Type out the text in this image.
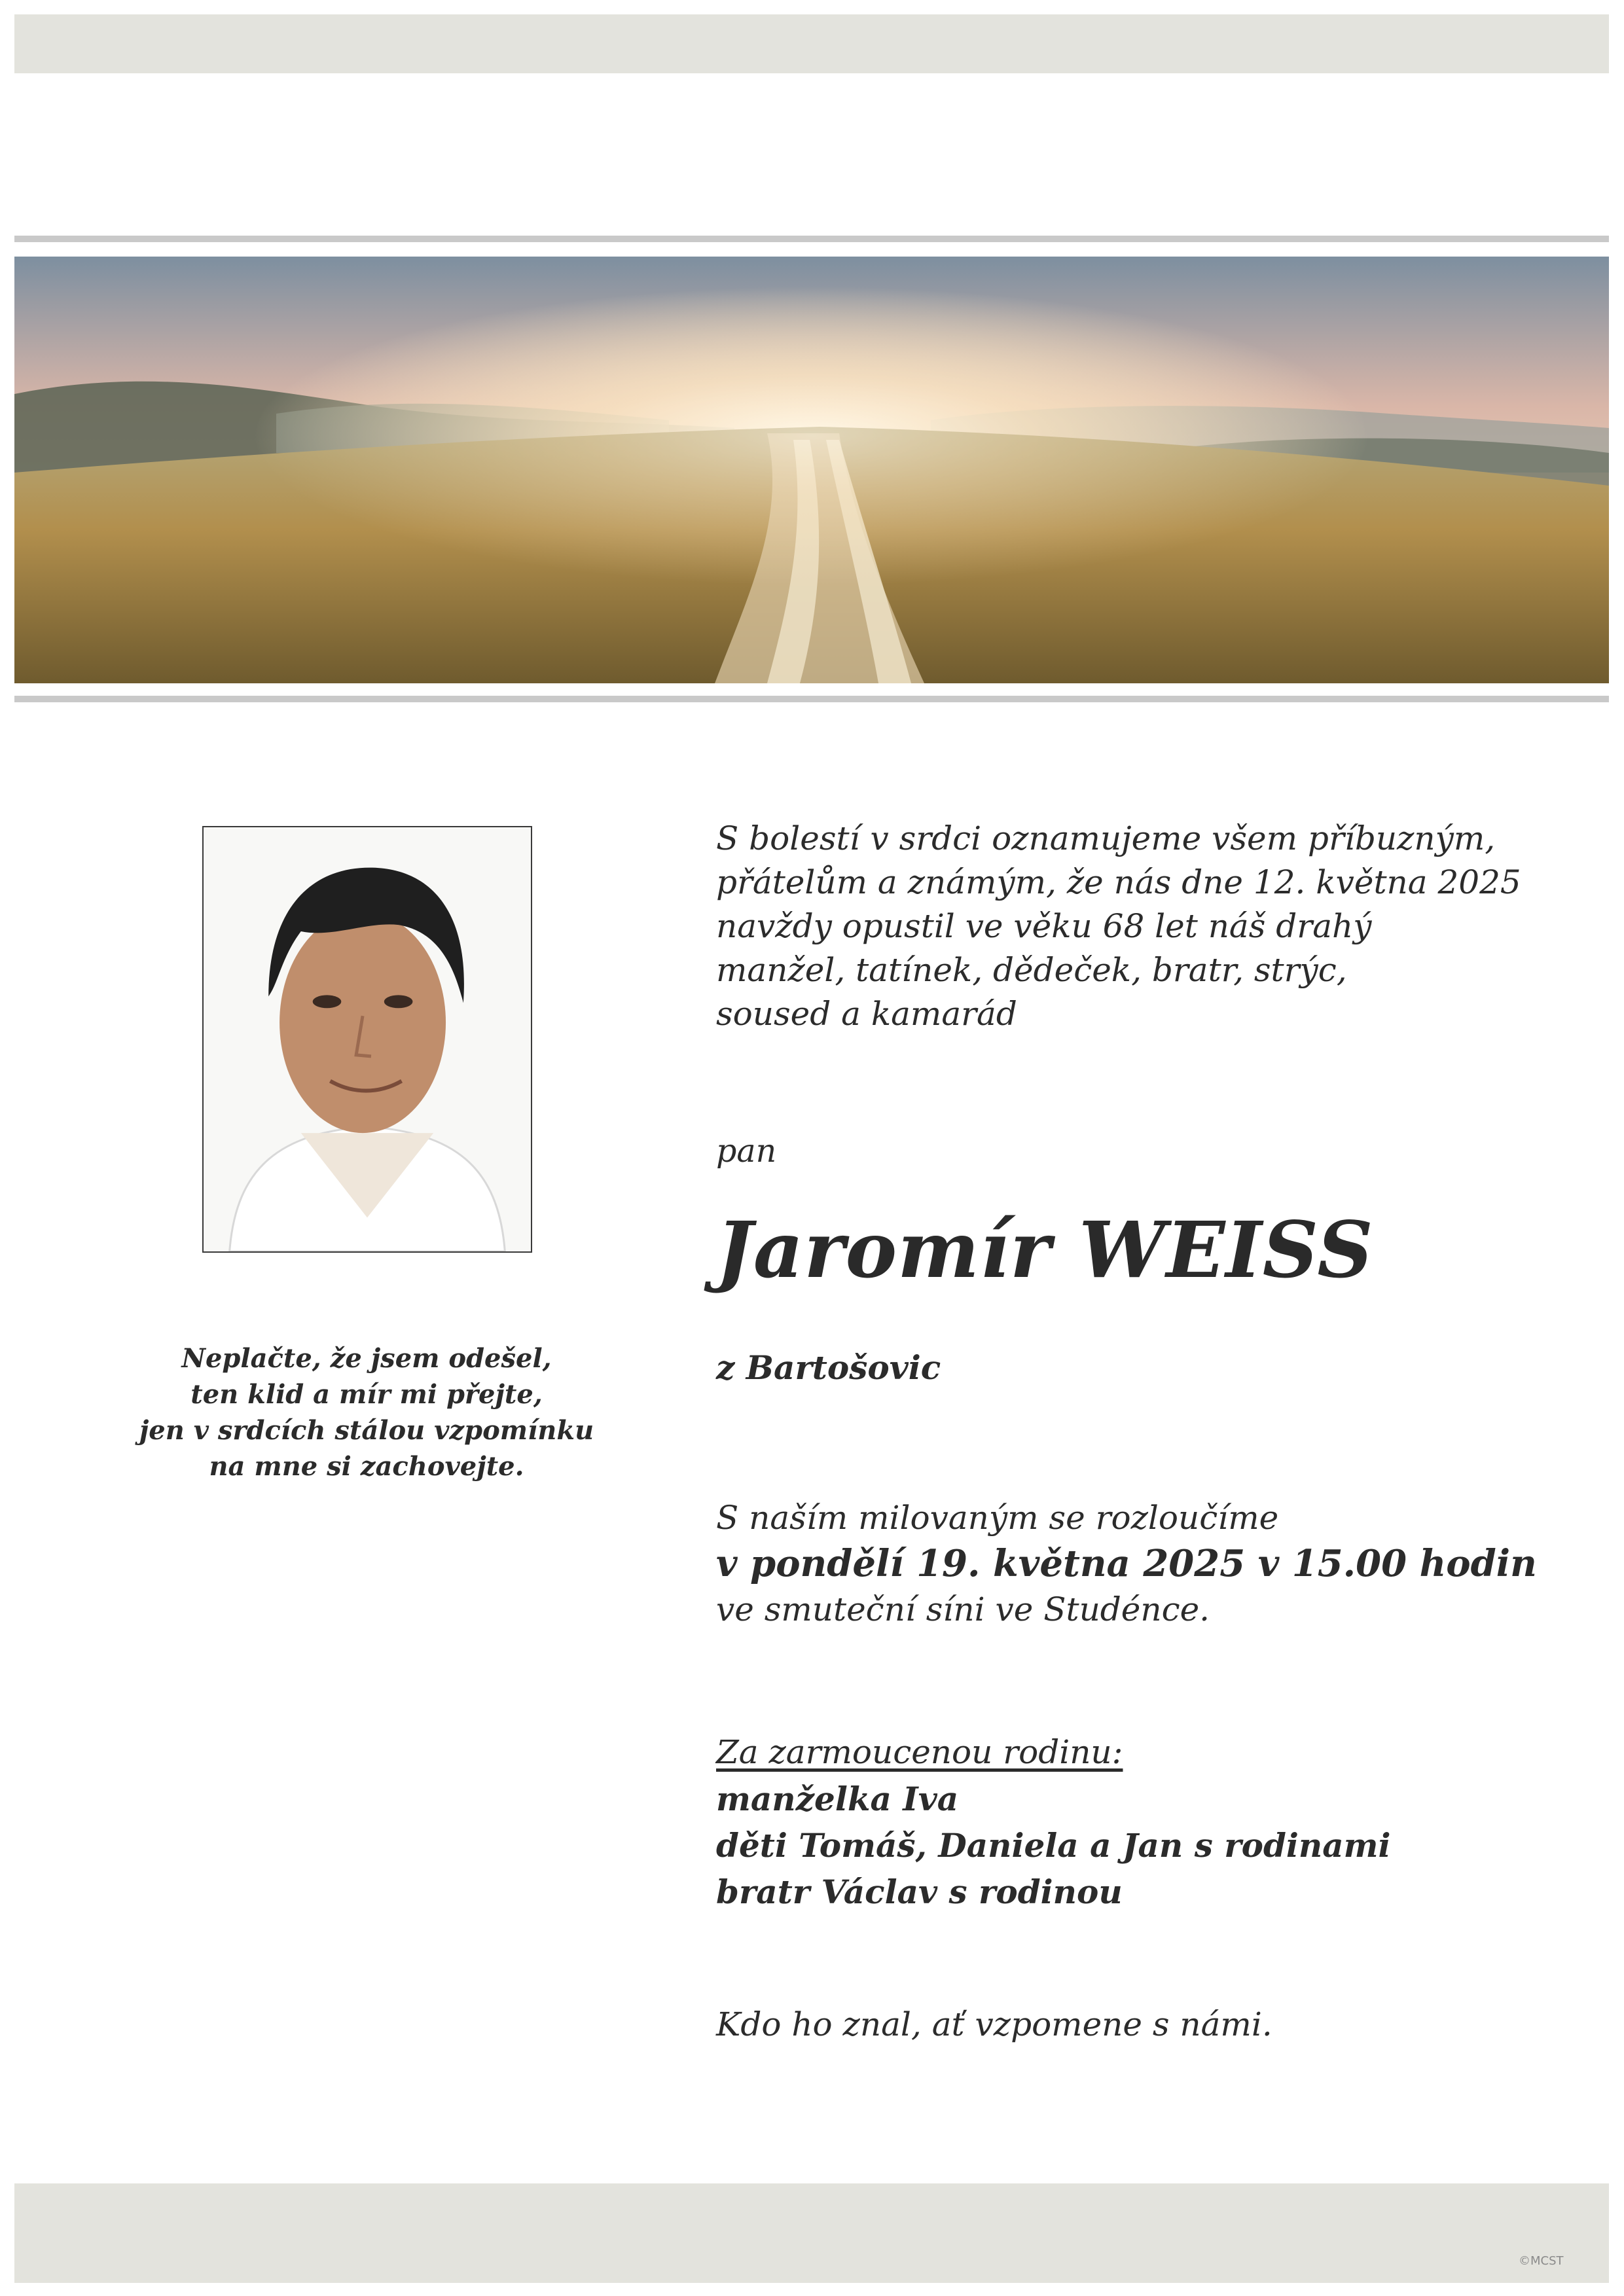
Neplačte, že jsem odešel,
ten klid a mír mi přejte,
jen v srdcích stálou vzpomínku
na mne si zachovejte.
S bolestí v srdci oznamujeme všem příbuzným,
přátelům a známým, že nás dne 12. května 2025
navždy opustil ve věku 68 let náš drahý
manžel, tatínek, dědeček, bratr, strýc,
soused a kamarád
pan
Jaromír WEISS
z Bartošovic
S naším milovaným se rozloučíme
v pondělí 19. května 2025 v 15.00 hodin
ve smuteční síni ve Studénce.
Za zarmoucenou rodinu:
manželka Iva
děti Tomáš, Daniela a Jan s rodinami
bratr Václav s rodinou
Kdo ho znal, ať vzpomene s námi.
©MCST
